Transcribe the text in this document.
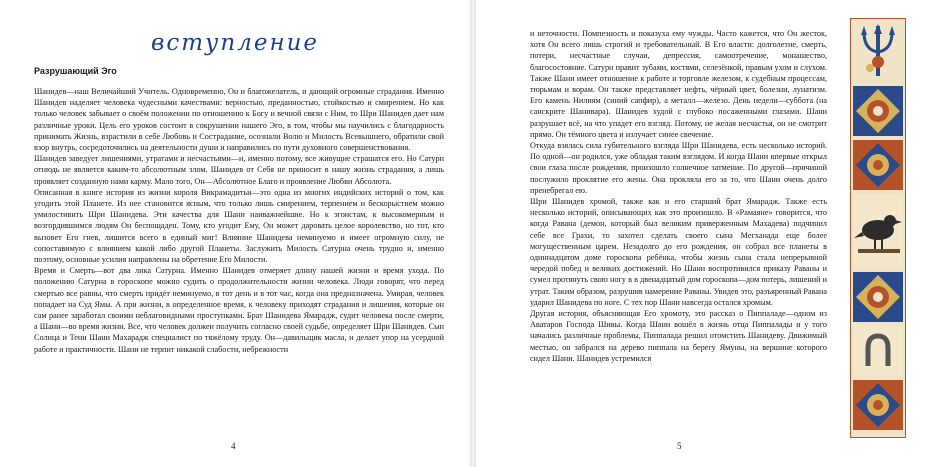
вступление
Разрушающий Эго

Шанидев—наш Величайший Учитель. Одновременно, Он и благожелатель, и дающий огромные страдания. Именно Шанидев наделяет человека чудесными качествами: верностью, преданностью, стойкостью и смирением. Но как только человек забывает о своём положении по отношению к Богу и вечной связи с Ним, то Шри Шанидев дает нам различные уроки. Цель его уроков состоит в сокрушении нашего Эго, в том, чтобы мы научились с благодарность принимать Жизнь, взрастили в себе Любовь и Сострадание, осознали Волю и Милость Всевышнего, обратили свой взор внутрь, сосредоточились на деятельности души и направились по пути духовного совершенствования.

Шанидев заведует лишениями, утратами и несчастьями—и, именно потому, все живущие страшатся его. Но Сатурн отнюдь не является каким-то абсолютным злом. Шанидев от Себя не приносит в нашу жизнь страдания, а лишь проявляет созданную нами карму. Мало того, Он—Абсолютное Благо и проявление Любви Абсолюта.

Описанная в книге история из жизни короля Викрамадитьи—это одна из многих индийских историй о том, как угодить этой Планете. Из нее становится ясным, что только лишь смирением, терпением и бескорыстием можно умилостивить Шри Шанидева. Эти качества для Шани наиважнейшие. Но к эгоистам, к высокомерным и возгордившимся людям Он беспощаден. Тому, кто угодит Ему, Он может даровать целое королевство, но тот, кто вызовет Его гнев, лишится всего в единый миг! Влияние Шанидева неминуемо и имеет огромную силу, не сопоставимую с влиянием какой либо другой Планеты. Заслужить Милость Сатурна очень трудно и, именно поэтому, основные усилия направлены на обретение Его Милости.

Время и Смерть—вот два лика Сатурна. Именно Шанидев отмеряет длину нашей жизни и время ухода. По положению Сатурна в гороскопе можно судить о продолжительности жизни человека. Люди говорят, что перед смертью все равны, что смерть придёт неминуемо, в тот день и в тот час, когда она предназначена. Умирая, человек попадает на Суд Ямы. А при жизни, в определенное время, к человеку приходят страдания и лишения, которые он сам ранее заработал своими неблаговидными проступками. Брат Шанидева Ямарадж, судит человека после смерти, а Шани—во время жизни. Все, что человек должен получить согласно своей судьбе, определяет Шри Шанидев. Сын Солнца и Тени Шани Махарадж специалист по тяжёлому труду. Он—давильщик масла, и делает упор на усердной работе и практичности. Шани не терпит никакой слабости, небрежности

4

и неточности. Помпезность и показуха ему чужды. Часто кажется, что Он жесток, хотя Он всего лишь строгий и требовательный. В Его власти: долголетие, смерть, потери, несчастные случаи, депрессия, самоотречение, монашество, благосостояние. Сатурн правит зубами, костями, селезёнкой, правым ухом и слухом. Также Шани имеет отношение к работе и торговле железом, к судебным процессам, тюрьмам и ворам. Он также представляет нефть, чёрный цвет, болезни, лунатизм. Его камень Нилиям (синий сапфир), а металл—железо. День недели—суббота (на санскрите Шанивара). Шанидев худой с глубоко посаженными глазами. Шани разрушает всё, на что упадет его взгляд. Потому, не желая несчастья, он не смотрит прямо. Он тёмного цвета и излучает синее свечение.

Откуда взялась сила губительного взгляда Шри Шанидева, есть несколько историй. По одной—он родился, уже обладая таким взглядом. И когда Шани впервые открыл свои глаза после рождения, произошло солнечное затмение. По другой—причиной послужило проклятие его жены. Она прокляла его за то, что Шани очень долго пренебрегал ею.

Шри Шанидев хромой, также как и его старший брат Ямарадж. Также есть несколько историй, описывающих как это произошло. В «Рамаяне» говорится, что когда Равана (демон, который был великим приверженным Махадева) подчинил себе все Грахи, то захотел сделать своего сына Мегханада еще более могущественным царем. Незадолго до его рождения, он собрал все планеты в одиннадцатом доме гороскопа ребёнка, чтобы жизнь сына стала непрерывной чередой побед и великих достижений. Но Шани воспротивился приказу Раваны и сумел протянуть свою ногу в в двенадцатый дом гороскопа—дом потерь, лишений и утрат. Таким образом, разрушив намерение Раваны. Увидев это, разъяренный Равана ударил Шанидева по ноге. С тех пор Шани навсегда остался хромым.

Другая история, объясняющая Его хромоту, это рассказ о Пиппаладе—одном из Аватаров Господа Шивы. Когда Шани вошёл в жизнь отца Пиппалады и у того начались различные проблемы, Пиппалада решил отомстить Шанидеву. Движимый местью, он забрался на дерево пиппала на берегу Ямуны, на вершине которого сидел Шани. Шанидев устремился

5
